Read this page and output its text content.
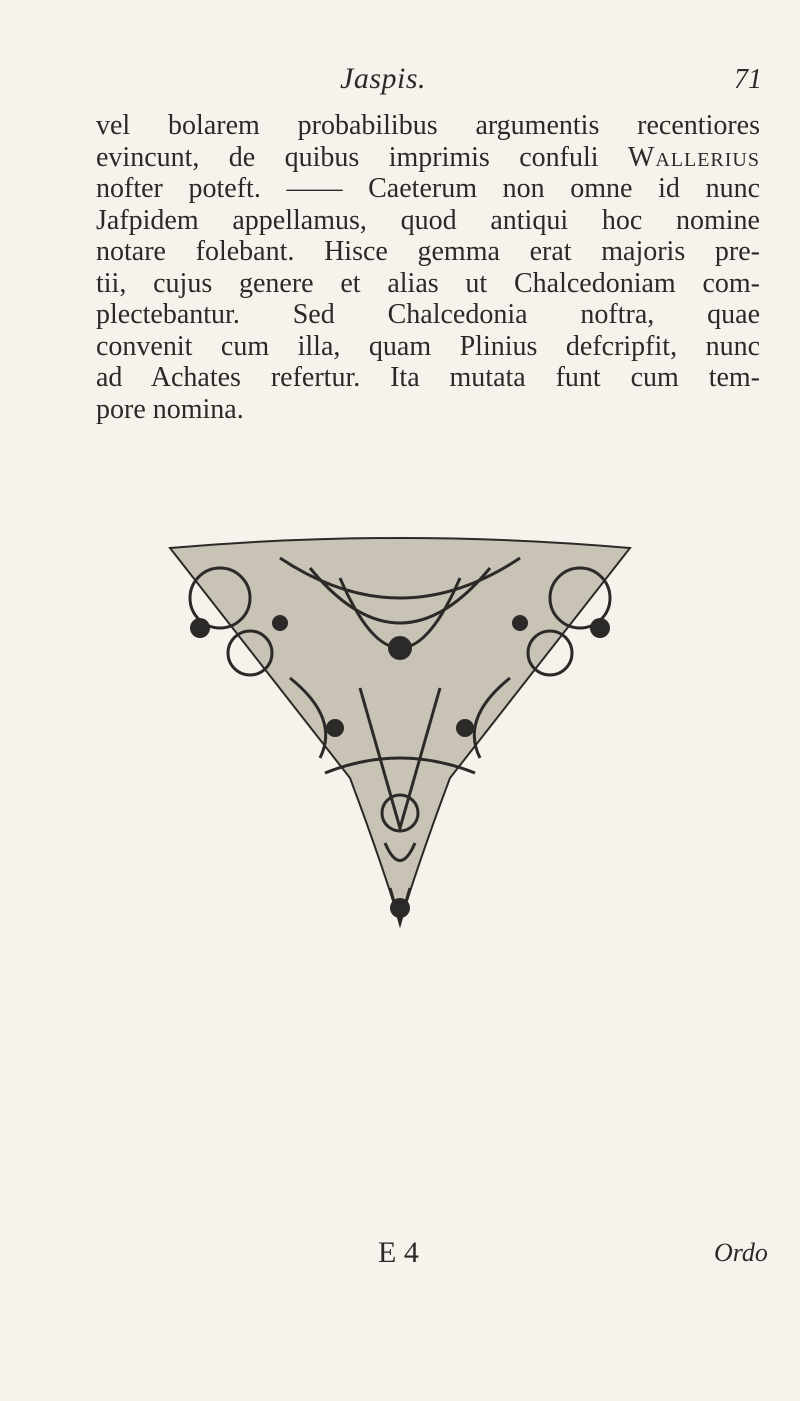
Jaspis.	71
vel bolarem probabilibus argumentis recentiores
evincunt, de quibus imprimis confuli Wallerius
nofter poteft. —— Caeterum non omne id nunc
Jafpidem appellamus, quod antiqui hoc nomine
notare folebant. Hisce gemma erat majoris pre-
tii, cujus genere et alias ut Chalcedoniam com-
plectebantur. Sed Chalcedonia noftra, quae
convenit cum illa, quam Plinius defcripfit, nunc
ad Achates refertur. Ita mutata funt cum tem-
pore nomina.
E 4	Ordo
